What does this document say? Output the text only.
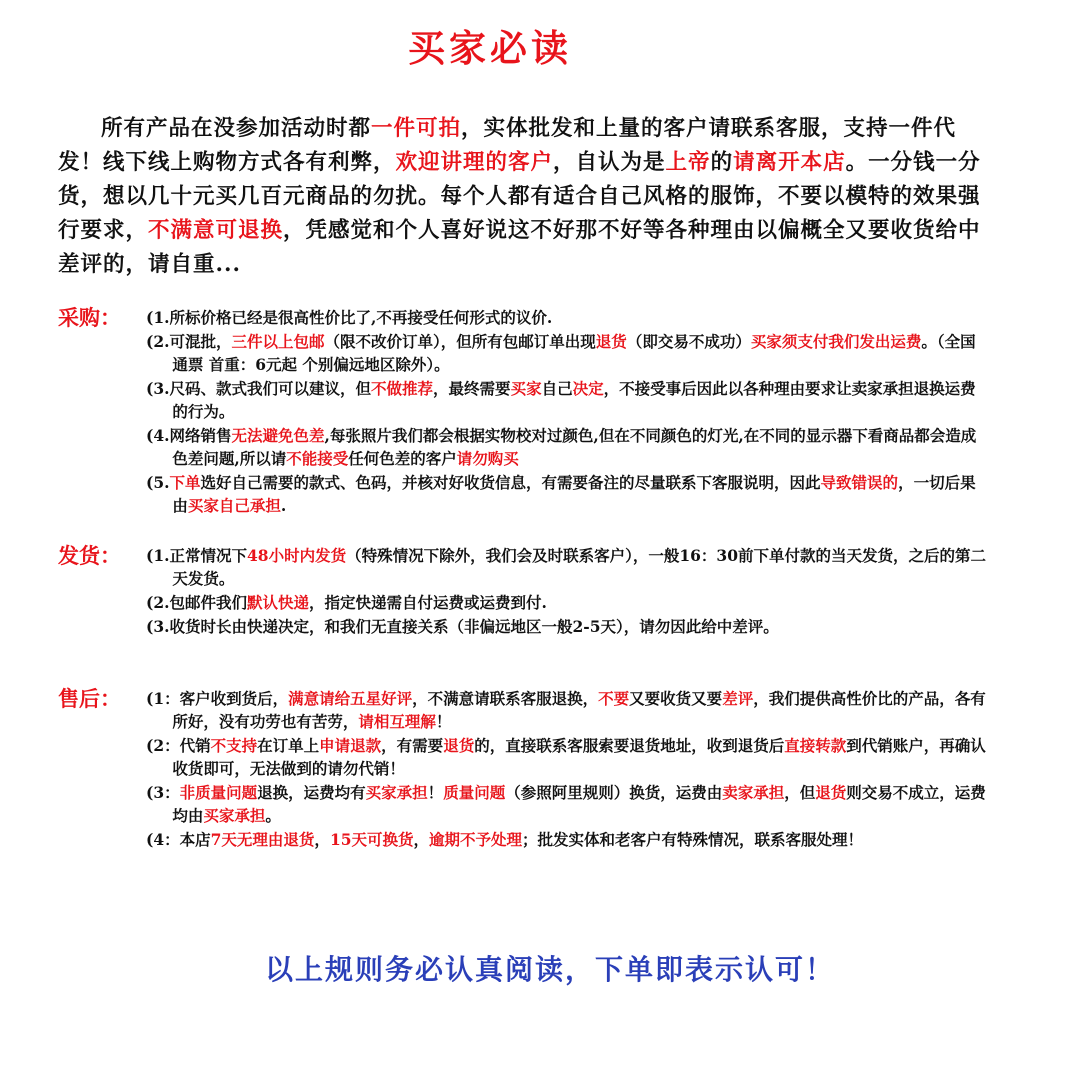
买家必读

所有产品在没参加活动时都一件可拍，实体批发和上量的客户请联系客服，支持一件代发！线下线上购物方式各有利弊，欢迎讲理的客户，自认为是上帝的请离开本店。一分钱一分货，想以几十元买几百元商品的勿扰。每个人都有适合自己风格的服饰，不要以模特的效果强行要求，不满意可退换，凭感觉和个人喜好说这不好那不好等各种理由以偏概全又要收货给中差评的，请自重...

采购： (1.所标价格已经是很高性价比了,不再接受任何形式的议价.

(2.可混批，三件以上包邮（限不改价订单），但所有包邮订单出现退货（即交易不成功）买家须支付我们发出运费。（全国通票 首重：6元起 个别偏远地区除外）。

(3.尺码、款式我们可以建议，但不做推荐，最终需要买家自己决定，不接受事后因此以各种理由要求让卖家承担退换运费的行为。

(4.网络销售无法避免色差,每张照片我们都会根据实物校对过颜色,但在不同颜色的灯光,在不同的显示器下看商品都会造成色差问题,所以请不能接受任何色差的客户请勿购买

(5.下单选好自己需要的款式、色码，并核对好收货信息，有需要备注的尽量联系下客服说明，因此导致错误的，一切后果由买家自己承担.

发货： (1.正常情况下48小时内发货（特殊情况下除外，我们会及时联系客户），一般16：30前下单付款的当天发货，之后的第二天发货。

(2.包邮件我们默认快递，指定快递需自付运费或运费到付.

(3.收货时长由快递决定，和我们无直接关系（非偏远地区一般2-5天），请勿因此给中差评。

售后： (1：客户收到货后，满意请给五星好评，不满意请联系客服退换，不要又要收货又要差评，我们提供高性价比的产品，各有所好，没有功劳也有苦劳，请相互理解！

(2：代销不支持在订单上申请退款，有需要退货的，直接联系客服索要退货地址，收到退货后直接转款到代销账户，再确认收货即可，无法做到的请勿代销！

(3：非质量问题退换，运费均有买家承担！质量问题（参照阿里规则）换货，运费由卖家承担，但退货则交易不成立，运费均由买家承担。

(4：本店7天无理由退货，15天可换货，逾期不予处理；批发实体和老客户有特殊情况，联系客服处理！

以上规则务必认真阅读，下单即表示认可！
